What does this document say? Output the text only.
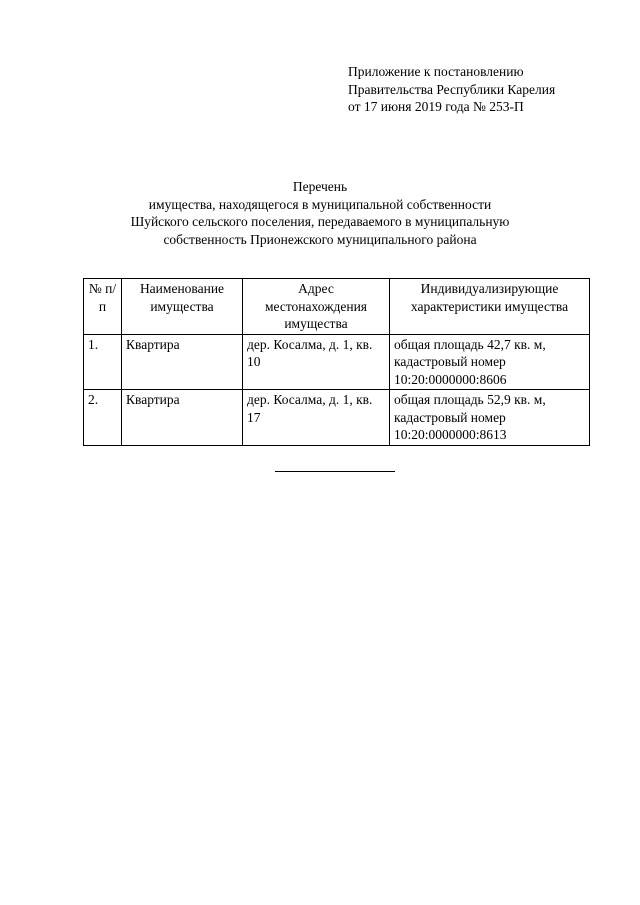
Приложение к постановлению
Правительства Республики Карелия
от 17 июня 2019 года № 253-П
Перечень
имущества, находящегося в муниципальной собственности
Шуйского сельского поселения, передаваемого в муниципальную
собственность Прионежского муниципального района
№ п/п	Наименование имущества	Адрес местонахождения имущества	Индивидуализирующие характеристики имущества
1.	Квартира	дер. Косалма, д. 1, кв. 10	общая площадь 42,7 кв. м, кадастровый номер 10:20:0000000:8606
2.	Квартира	дер. Косалма, д. 1, кв. 17	общая площадь 52,9 кв. м, кадастровый номер 10:20:0000000:8613
